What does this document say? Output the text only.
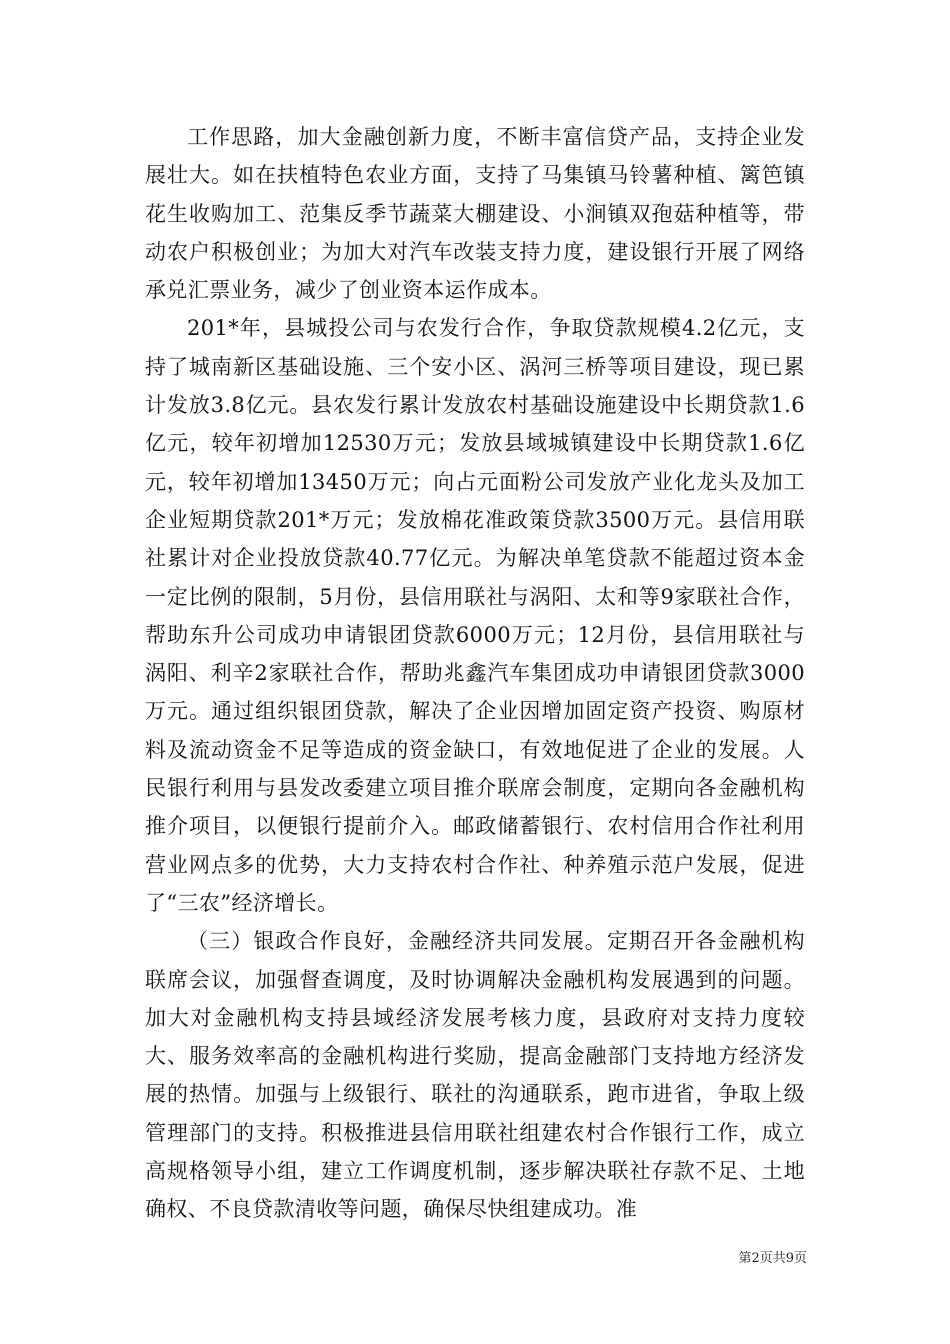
工作思路，加大金融创新力度，不断丰富信贷产品，支持企业发展壮大。如在扶植特色农业方面，支持了马集镇马铃薯种植、篱笆镇花生收购加工、范集反季节蔬菜大棚建设、小涧镇双孢菇种植等，带动农户积极创业；为加大对汽车改装支持力度，建设银行开展了网络承兑汇票业务，减少了创业资本运作成本。

201*年，县城投公司与农发行合作，争取贷款规模4.2亿元，支持了城南新区基础设施、三个安小区、涡河三桥等项目建设，现已累计发放3.8亿元。县农发行累计发放农村基础设施建设中长期贷款1.6亿元，较年初增加12530万元；发放县域城镇建设中长期贷款1.6亿元，较年初增加13450万元；向占元面粉公司发放产业化龙头及加工企业短期贷款201*万元；发放棉花准政策贷款3500万元。县信用联社累计对企业投放贷款40.77亿元。为解决单笔贷款不能超过资本金一定比例的限制，5月份，县信用联社与涡阳、太和等9家联社合作，帮助东升公司成功申请银团贷款6000万元；12月份，县信用联社与涡阳、利辛2家联社合作，帮助兆鑫汽车集团成功申请银团贷款3000万元。通过组织银团贷款，解决了企业因增加固定资产投资、购原材料及流动资金不足等造成的资金缺口，有效地促进了企业的发展。人民银行利用与县发改委建立项目推介联席会制度，定期向各金融机构推介项目，以便银行提前介入。邮政储蓄银行、农村信用合作社利用营业网点多的优势，大力支持农村合作社、种养殖示范户发展，促进了“三农”经济增长。

（三）银政合作良好，金融经济共同发展。定期召开各金融机构联席会议，加强督查调度，及时协调解决金融机构发展遇到的问题。加大对金融机构支持县域经济发展考核力度，县政府对支持力度较大、服务效率高的金融机构进行奖励，提高金融部门支持地方经济发展的热情。加强与上级银行、联社的沟通联系，跑市进省，争取上级管理部门的支持。积极推进县信用联社组建农村合作银行工作，成立高规格领导小组，建立工作调度机制，逐步解决联社存款不足、土地确权、不良贷款清收等问题，确保尽快组建成功。准

第2页共9页
